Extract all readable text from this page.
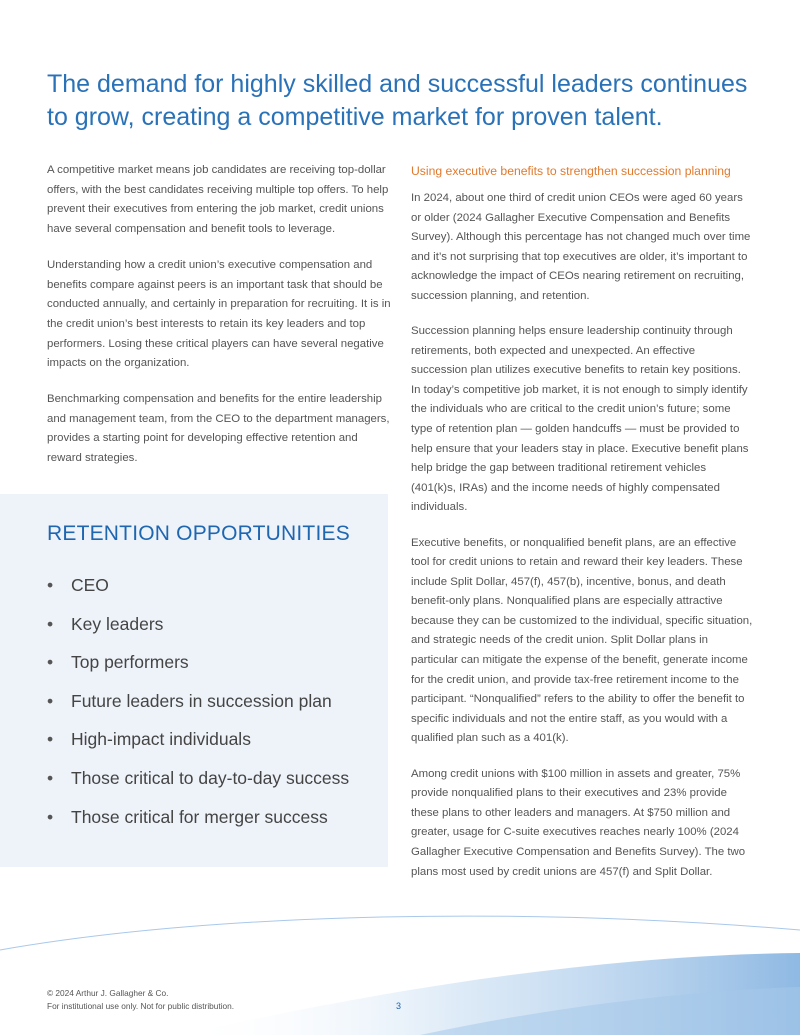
The demand for highly skilled and successful leaders continues to grow, creating a competitive market for proven talent.

A competitive market means job candidates are receiving top-dollar offers, with the best candidates receiving multiple top offers. To help prevent their executives from entering the job market, credit unions have several compensation and benefit tools to leverage.

Understanding how a credit union’s executive compensation and benefits compare against peers is an important task that should be conducted annually, and certainly in preparation for recruiting. It is in the credit union’s best interests to retain its key leaders and top performers. Losing these critical players can have several negative impacts on the organization.

Benchmarking compensation and benefits for the entire leadership and management team, from the CEO to the department managers, provides a starting point for developing effective retention and reward strategies.

RETENTION OPPORTUNITIES
• CEO
• Key leaders
• Top performers
• Future leaders in succession plan
• High-impact individuals
• Those critical to day-to-day success
• Those critical for merger success
Using executive benefits to strengthen succession planning

In 2024, about one third of credit union CEOs were aged 60 years or older (2024 Gallagher Executive Compensation and Benefits Survey). Although this percentage has not changed much over time and it’s not surprising that top executives are older, it’s important to acknowledge the impact of CEOs nearing retirement on recruiting, succession planning, and retention.

Succession planning helps ensure leadership continuity through retirements, both expected and unexpected. An effective succession plan utilizes executive benefits to retain key positions. In today’s competitive job market, it is not enough to simply identify the individuals who are critical to the credit union’s future; some type of retention plan — golden handcuffs — must be provided to help ensure that your leaders stay in place. Executive benefit plans help bridge the gap between traditional retirement vehicles (401(k)s, IRAs) and the income needs of highly compensated individuals.

Executive benefits, or nonqualified benefit plans, are an effective tool for credit unions to retain and reward their key leaders. These include Split Dollar, 457(f), 457(b), incentive, bonus, and death benefit-only plans. Nonqualified plans are especially attractive because they can be customized to the individual, specific situation, and strategic needs of the credit union. Split Dollar plans in particular can mitigate the expense of the benefit, generate income for the credit union, and provide tax-free retirement income to the participant. “Nonqualified” refers to the ability to offer the benefit to specific individuals and not the entire staff, as you would with a qualified plan such as a 401(k).

Among credit unions with $100 million in assets and greater, 75% provide nonqualified plans to their executives and 23% provide these plans to other leaders and managers. At $750 million and greater, usage for C-suite executives reaches nearly 100% (2024 Gallagher Executive Compensation and Benefits Survey). The two plans most used by credit unions are 457(f) and Split Dollar.

© 2024 Arthur J. Gallagher & Co.
For institutional use only. Not for public distribution.	3
